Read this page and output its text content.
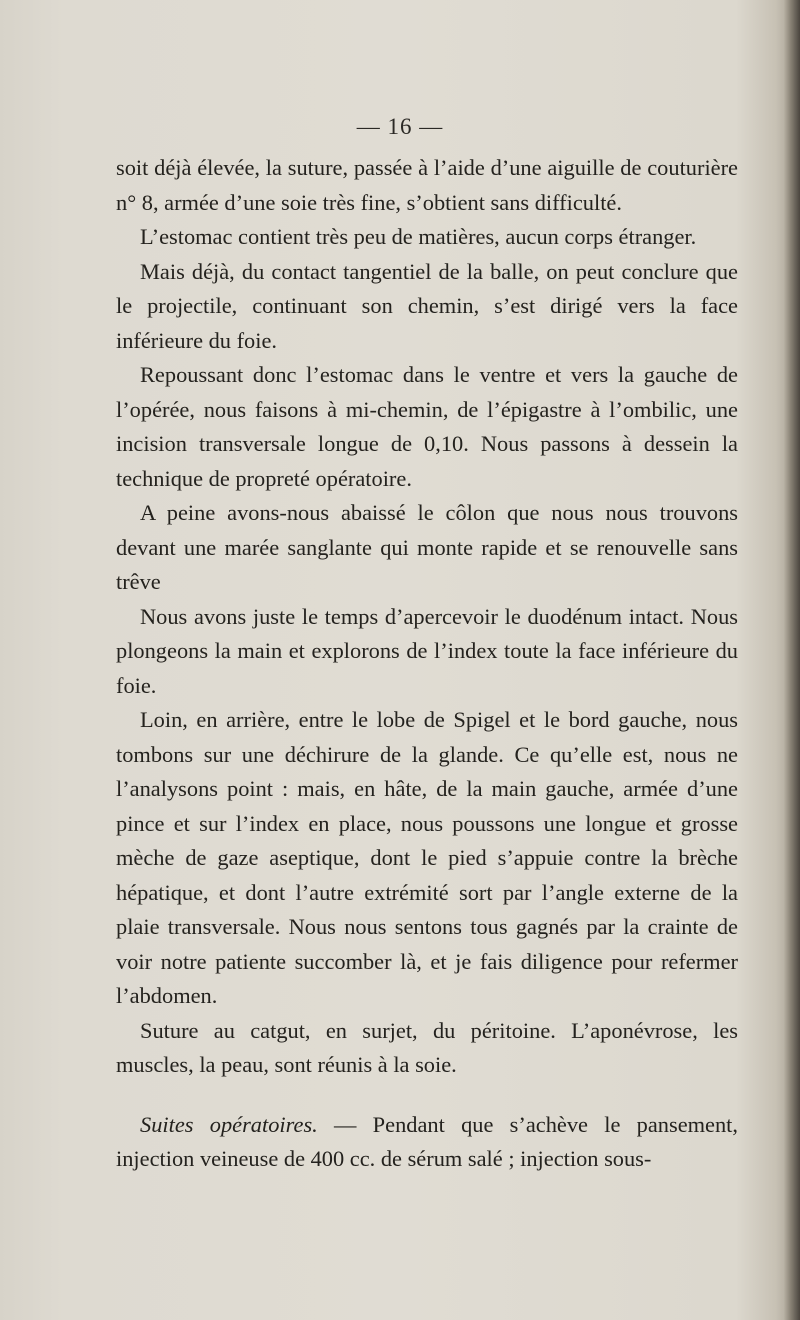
— 16 —

soit déjà élevée, la suture, passée à l’aide d’une aiguille de couturière n° 8, armée d’une soie très fine, s’obtient sans difficulté.

L’estomac contient très peu de matières, aucun corps étranger.

Mais déjà, du contact tangentiel de la balle, on peut conclure que le projectile, continuant son chemin, s’est dirigé vers la face inférieure du foie.

Repoussant donc l’estomac dans le ventre et vers la gauche de l’opérée, nous faisons à mi-chemin, de l’épigastre à l’ombilic, une incision transversale longue de 0,10. Nous passons à dessein la technique de propreté opératoire.

A peine avons-nous abaissé le côlon que nous nous trouvons devant une marée sanglante qui monte rapide et se renouvelle sans trêve

Nous avons juste le temps d’apercevoir le duodénum intact. Nous plongeons la main et explorons de l’index toute la face inférieure du foie.

Loin, en arrière, entre le lobe de Spigel et le bord gauche, nous tombons sur une déchirure de la glande. Ce qu’elle est, nous ne l’analysons point : mais, en hâte, de la main gauche, armée d’une pince et sur l’index en place, nous poussons une longue et grosse mèche de gaze aseptique, dont le pied s’appuie contre la brèche hépatique, et dont l’autre extrémité sort par l’angle externe de la plaie transversale. Nous nous sentons tous gagnés par la crainte de voir notre patiente succomber là, et je fais diligence pour refermer l’abdomen.

Suture au catgut, en surjet, du péritoine. L’aponévrose, les muscles, la peau, sont réunis à la soie.

Suites opératoires. — Pendant que s’achève le pansement, injection veineuse de 400 cc. de sérum salé ; injection sous-
